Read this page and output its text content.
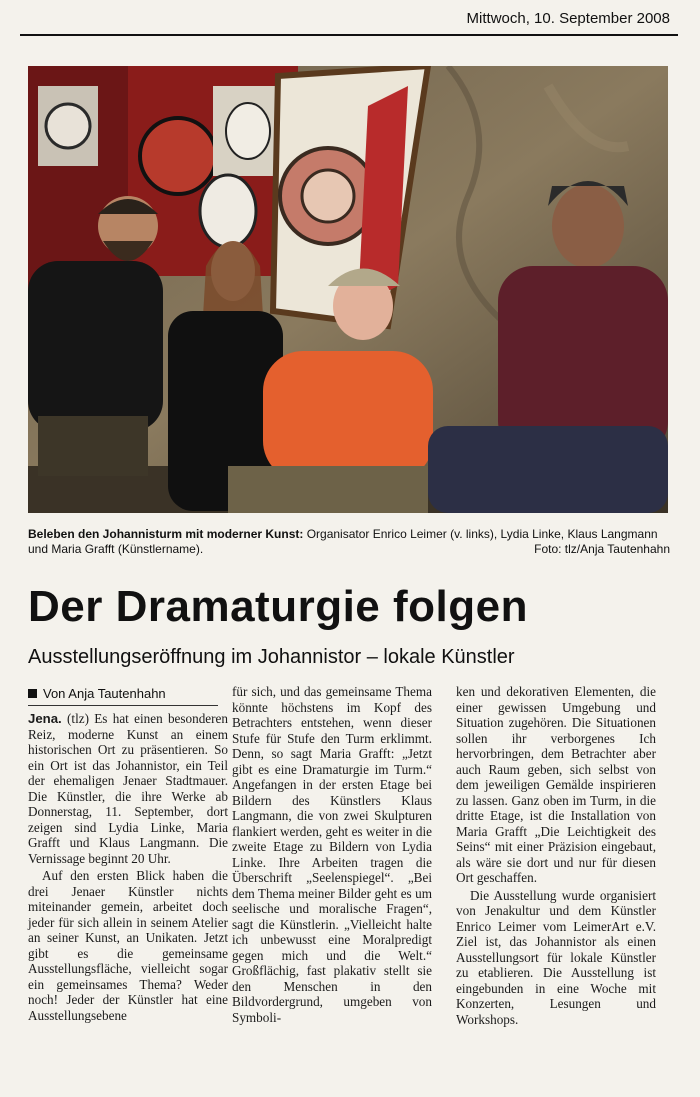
Mittwoch, 10. September 2008
Beleben den Johannisturm mit moderner Kunst: Organisator Enrico Leimer (v. links), Lydia Linke, Klaus Langmann und Maria Grafft (Künstlername).	Foto: tlz/Anja Tautenhahn
Der Dramaturgie folgen
Ausstellungseröffnung im Johannistor – lokale Künstler
Von Anja Tautenhahn

Jena. (tlz) Es hat einen besonderen Reiz, moderne Kunst an einem historischen Ort zu präsentieren. So ein Ort ist das Johannistor, ein Teil der ehemaligen Jenaer Stadtmauer. Die Künstler, die ihre Werke ab Donnerstag, 11. September, dort zeigen sind Lydia Linke, Maria Grafft und Klaus Langmann. Die Vernissage beginnt 20 Uhr.

Auf den ersten Blick haben die drei Jenaer Künstler nichts miteinander gemein, arbeitet doch jeder für sich allein in seinem Atelier an seiner Kunst, an Unikaten. Jetzt gibt es die gemeinsame Ausstellungsfläche, vielleicht sogar ein gemeinsames Thema? Weder noch! Jeder der Künstler hat eine Ausstellungsebene

für sich, und das gemeinsame Thema könnte höchstens im Kopf des Betrachters entstehen, wenn dieser Stufe für Stufe den Turm erklimmt. Denn, so sagt Maria Grafft: „Jetzt gibt es eine Dramaturgie im Turm.“ Angefangen in der ersten Etage bei Bildern des Künstlers Klaus Langmann, die von zwei Skulpturen flankiert werden, geht es weiter in die zweite Etage zu Bildern von Lydia Linke. Ihre Arbeiten tragen die Überschrift „Seelenspiegel“. „Bei dem Thema meiner Bilder geht es um seelische und moralische Fragen“, sagt die Künstlerin. „Vielleicht halte ich unbewusst eine Moralpredigt gegen mich und die Welt.“ Großflächig, fast plakativ stellt sie den Menschen in den Bildvordergrund, umgeben von Symboli-

ken und dekorativen Elementen, die einer gewissen Umgebung und Situation zugehören. Die Situationen sollen ihr verborgenes Ich hervorbringen, dem Betrachter aber auch Raum geben, sich selbst von dem jeweiligen Gemälde inspirieren zu lassen. Ganz oben im Turm, in die dritte Etage, ist die Installation von Maria Grafft „Die Leichtigkeit des Seins“ mit einer Präzision eingebaut, als wäre sie dort und nur für diesen Ort geschaffen.

Die Ausstellung wurde organisiert von Jenakultur und dem Künstler Enrico Leimer vom LeimerArt e.V. Ziel ist, das Johannistor als einen Ausstellungsort für lokale Künstler zu etablieren. Die Ausstellung ist eingebunden in eine Woche mit Konzerten, Lesungen und Workshops.
